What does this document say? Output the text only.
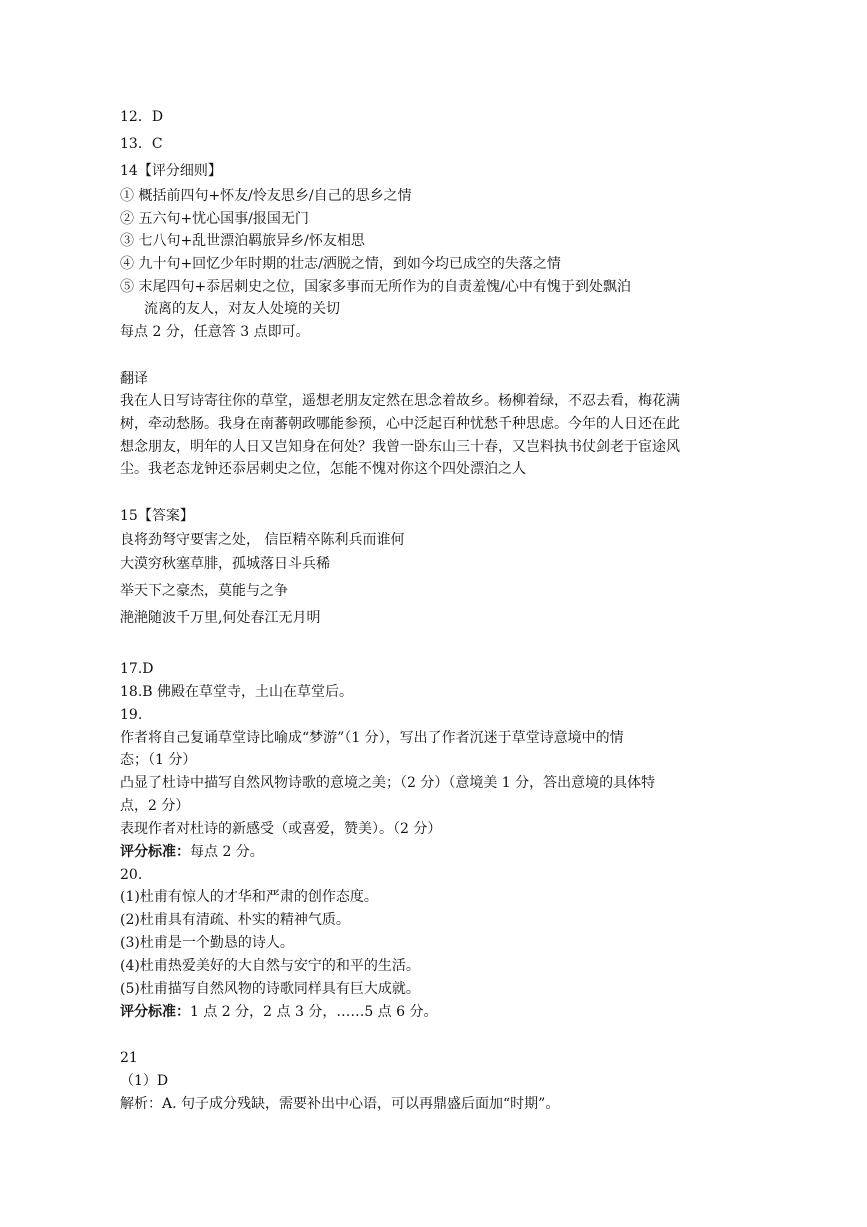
12．D
13．C
14【评分细则】
① 概括前四句+怀友/怜友思乡/自己的思乡之情
② 五六句+忧心国事/报国无门
③ 七八句+乱世漂泊羁旅异乡/怀友相思
④ 九十句+回忆少年时期的壮志/洒脱之情，到如今均已成空的失落之情
⑤ 末尾四句+忝居刺史之位，国家多事而无所作为的自责羞愧/心中有愧于到处飘泊
流离的友人，对友人处境的关切
每点 2 分，任意答 3 点即可。
翻译
我在人日写诗寄往你的草堂，遥想老朋友定然在思念着故乡。杨柳着绿，不忍去看，梅花满
树，牵动愁肠。我身在南蕃朝政哪能参预，心中泛起百种忧愁千种思虑。今年的人日还在此
想念朋友，明年的人日又岂知身在何处？我曾一卧东山三十春，又岂料执书仗剑老于宦途风
尘。我老态龙钟还忝居刺史之位，怎能不愧对你这个四处漂泊之人
15【答案】
良将劲弩守要害之处， 信臣精卒陈利兵而谁何
大漠穷秋塞草腓，孤城落日斗兵稀
举天下之豪杰，莫能与之争
滟滟随波千万里,何处春江无月明
17.D
18.B 佛殿在草堂寺，土山在草堂后。
19.
作者将自己复诵草堂诗比喻成“梦游”（1 分），写出了作者沉迷于草堂诗意境中的情
态；（1 分）
凸显了杜诗中描写自然风物诗歌的意境之美；（2 分）（意境美 1 分，答出意境的具体特
点，2 分）
表现作者对杜诗的新感受（或喜爱，赞美）。（2 分）
评分标准：每点 2 分。
20.
(1)杜甫有惊人的才华和严肃的创作态度。
(2)杜甫具有清疏、朴实的精神气质。
(3)杜甫是一个勤恳的诗人。
(4)杜甫热爱美好的大自然与安宁的和平的生活。
(5)杜甫描写自然风物的诗歌同样具有巨大成就。
评分标准：1 点 2 分，2 点 3 分，……5 点 6 分。
21
（1）D
解析：A. 句子成分残缺，需要补出中心语，可以再鼎盛后面加“时期”。
